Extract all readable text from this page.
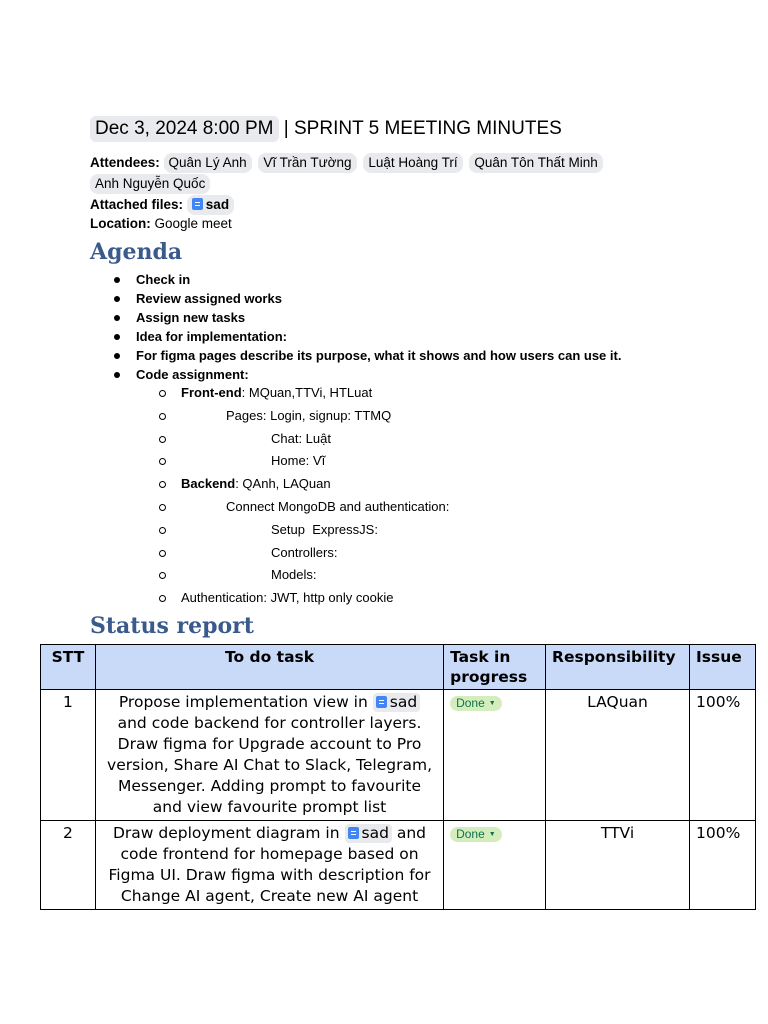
Dec 3, 2024 8:00 PM | SPRINT 5 MEETING MINUTES
Attendees: Quân Lý Anh Vĩ Trần Tường Luật Hoàng Trí Quân Tôn Thất Minh
Anh Nguyễn Quốc
Attached files: sad
Location: Google meet
Agenda
Check in
Review assigned works
Assign new tasks
Idea for implementation:
For figma pages describe its purpose, what it shows and how users can use it.
Code assignment:
Front-end: MQuan,TTVi, HTLuat
Pages: Login, signup: TTMQ
Chat: Luật
Home: Vĩ
Backend: QAnh, LAQuan
Connect MongoDB and authentication:
Setup  ExpressJS:
Controllers:
Models:
Authentication: JWT, http only cookie
Status report
STT	To do task	Task in progress	Responsibility	Issue
1	Propose implementation view in sad and code backend for controller layers. Draw figma for Upgrade account to Pro version, Share AI Chat to Slack, Telegram, Messenger. Adding prompt to favourite and view favourite prompt list	Done ▼	LAQuan	100%
2	Draw deployment diagram in sad and code frontend for homepage based on Figma UI. Draw figma with description for Change AI agent, Create new AI agent	Done ▼	TTVi	100%
